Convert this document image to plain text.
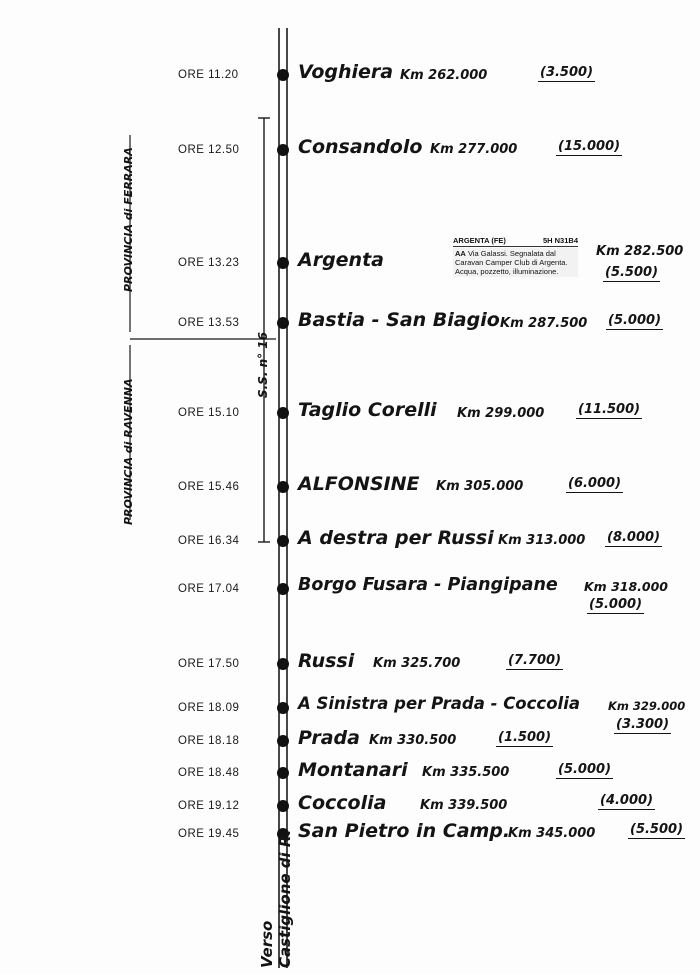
PROVINCIA di FERRARA
PROVINCIA di RAVENNA
S.S. n° 16
ARGENTA (FE)	5H N31B4
AA Via Galassi. Segnalata dal Caravan Camper Club di Argenta. Acqua, pozzetto, illuminazione.
ORE 11.20	Voghiera Km 262.000	( 3.500 )
ORE 12.50	Consandolo Km 277.000	( 15.000 )
ORE 13.23	Argenta	Km 282.500
( 5.500 )
ORE 13.53	Bastia - San Biagio Km 287.500	( 5.000 )
ORE 15.10	Taglio Corelli Km 299.000	( 11.500 )
ORE 15.46	ALFONSINE Km 305.000	( 6.000 )
ORE 16.34	A destra per Russi Km 313.000	( 8.000 )
ORE 17.04	Borgo Fusara - Piangipane Km 318.000
( 5.000 )
ORE 17.50	Russi Km 325.700	( 7.700 )
ORE 18.09	A Sinistra per Prada - Coccolia Km 329.000
( 3.300 )
ORE 18.18	Prada Km 330.500	( 1.500 )
ORE 18.48	Montanari Km 335.500	( 5.000 )
ORE 19.12	Coccolia	Km 339.500	( 4.000 )
ORE 19.45	San Pietro in Camp.
Km 345.000	( 5.500 )
Verso Castiglione di R.
